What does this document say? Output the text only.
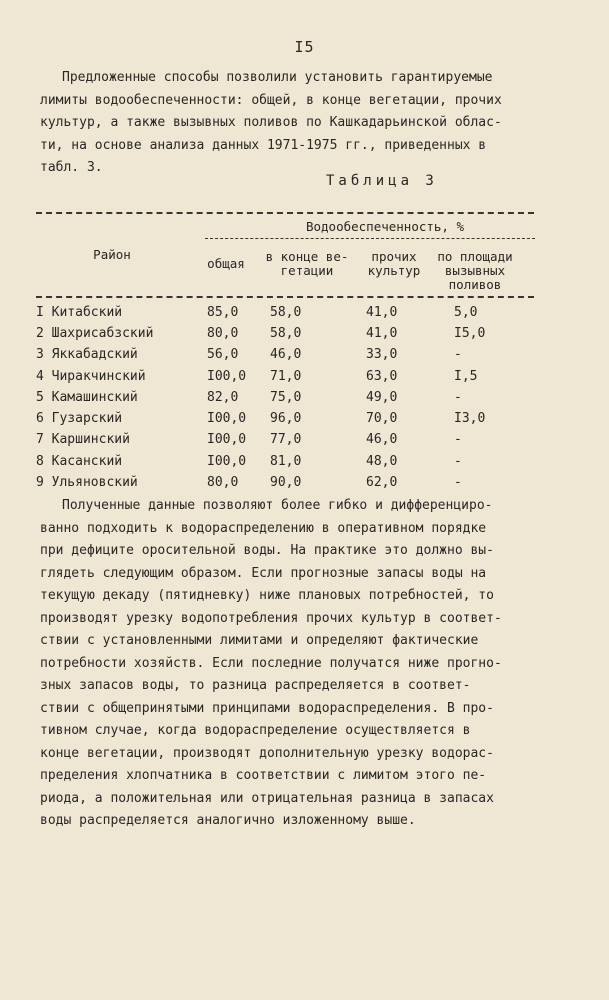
I5
Предложенные способы позволили установить гарантируемые
лимиты водообеспеченности: общей, в конце вегетации, прочих
культур, а также вызывных поливов по Кашкадарьинской облас-
ти, на основе анализа данных 1971-1975 гг., приведенных в
табл. 3.
Таблица 3
Водообеспеченность, %
Район
общая	в конце ве-
гетации
прочих
культур
по площади
вызывных
поливов
I Китабский	85,0 58,0	41,0	5,0
2 Шахрисабзский	80,0 58,0	41,0	I5,0
3 Яккабадский	56,0 46,0	33,0	-
4 Чиракчинский	I00,0 71,0	63,0	I,5
5 Камашинский	82,0 75,0	49,0	-
6 Гузарский	I00,0 96,0	70,0	I3,0
7 Каршинский	I00,0 77,0	46,0	-
8 Касанский	I00,0 81,0	48,0	-
9 Ульяновский	80,0 90,0	62,0	-
Полученные данные позволяют более гибко и дифференциро-
ванно подходить к водораспределению в оперативном порядке
при дефиците оросительной воды. На практике это должно вы-
глядеть следующим образом. Если прогнозные запасы воды на
текущую декаду (пятидневку) ниже плановых потребностей, то
производят урезку водопотребления прочих культур в соответ-
ствии с установленными лимитами и определяют фактические
потребности хозяйств. Если последние получатся ниже прогно-
зных запасов воды, то разница распределяется в соответ-
ствии с общепринятыми принципами водораспределения. В про-
тивном случае, когда водораспределение осуществляется в
конце вегетации, производят дополнительную урезку водорас-
пределения хлопчатника в соответствии с лимитом этого пе-
риода, а положительная или отрицательная разница в запасах
воды распределяется аналогично изложенному выше.
